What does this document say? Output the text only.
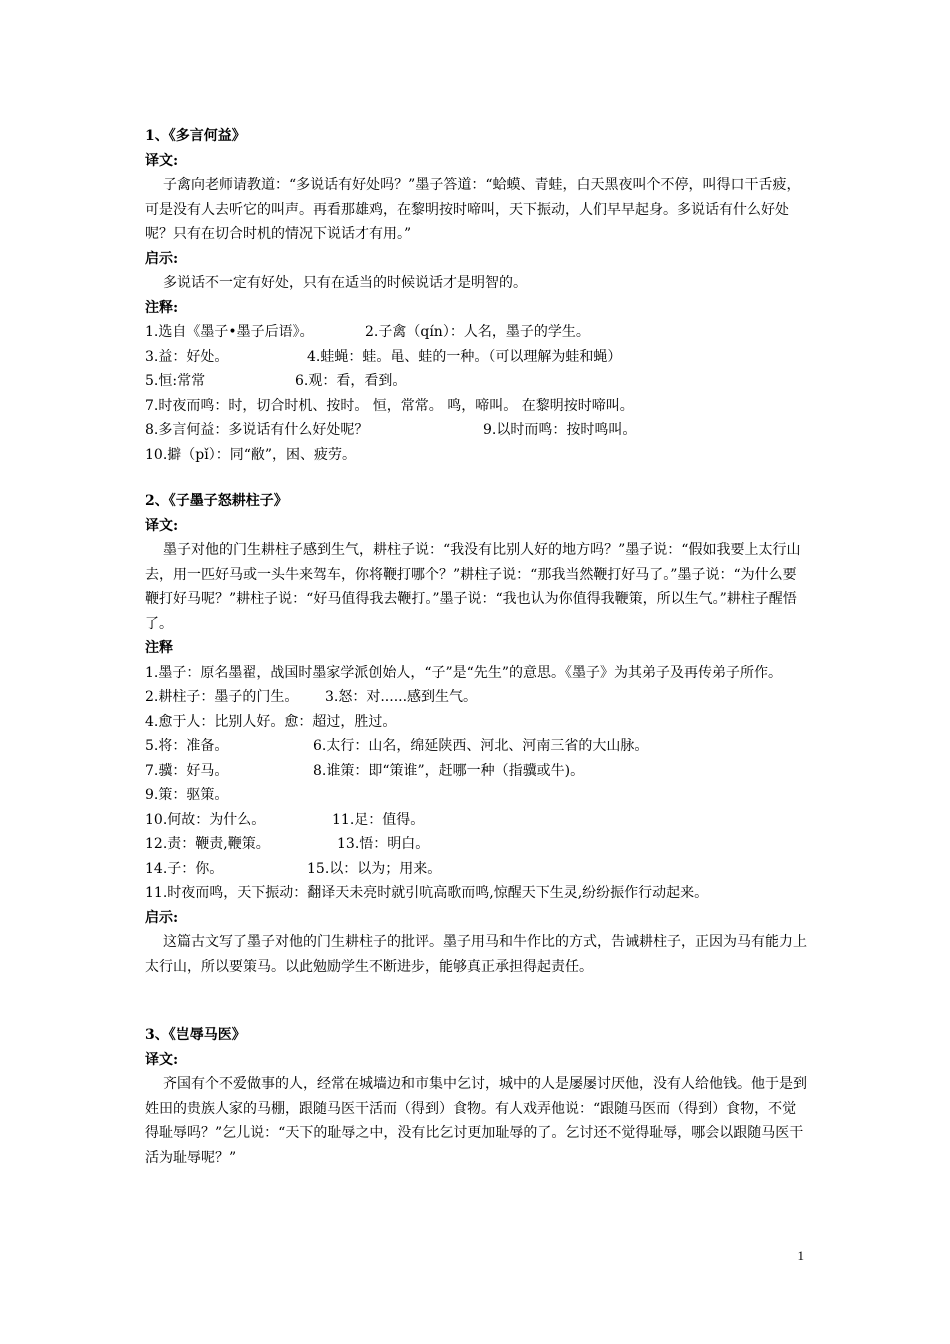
1、《多言何益》
译文:
子禽向老师请教道：“多说话有好处吗？”墨子答道：“蛤蟆、青蛙，白天黑夜叫个不停，叫得口干舌疲，可是没有人去听它的叫声。再看那雄鸡，在黎明按时啼叫，天下振动，人们早早起身。多说话有什么好处呢？只有在切合时机的情况下说话才有用。”
启示:
多说话不一定有好处，只有在适当的时候说话才是明智的。
注释:
1.选自《墨子•墨子后语》。	2.子禽（qín）：人名，墨子的学生。
3.益：好处。	4.蛙蝇：蛙。黾、蛙的一种。（可以理解为蛙和蝇）
5.恒:常常	6.观：看，看到。
7.时夜而鸣：时，切合时机、按时。 恒，常常。 鸣，啼叫。 在黎明按时啼叫。
8.多言何益：多说话有什么好处呢？	9.以时而鸣：按时鸣叫。
10.擗（pǐ）：同“敝”，困、疲劳。
2、《子墨子怒耕柱子》
译文:
墨子对他的门生耕柱子感到生气，耕柱子说：“我没有比别人好的地方吗？”墨子说：“假如我要上太行山去，用一匹好马或一头牛来驾车，你将鞭打哪个？”耕柱子说：“那我当然鞭打好马了。”墨子说：“为什么要鞭打好马呢？”耕柱子说：“好马值得我去鞭打。”墨子说：“我也认为你值得我鞭策，所以生气。”耕柱子醒悟了。
注释
1.墨子：原名墨翟，战国时墨家学派创始人，“子”是“先生”的意思。《墨子》为其弟子及再传弟子所作。
2.耕柱子：墨子的门生。 3.怒：对......感到生气。
4.愈于人：比别人好。愈：超过，胜过。
5.将：准备。	6.太行：山名，绵延陕西、河北、河南三省的大山脉。
7.骥：好马。	8.谁策：即“策谁”，赶哪一种（指骥或牛)。
9.策：驱策。
10.何故：为什么。	11.足：值得。
12.责：鞭责,鞭策。	13.悟：明白。
14.子：你。	15.以：以为；用来。
11.时夜而鸣，天下振动：翻译天未亮时就引吭高歌而鸣,惊醒天下生灵,纷纷振作行动起来。
启示:
这篇古文写了墨子对他的门生耕柱子的批评。墨子用马和牛作比的方式，告诫耕柱子，正因为马有能力上太行山，所以要策马。以此勉励学生不断进步，能够真正承担得起责任。
3、《岂辱马医》
译文:
齐国有个不爱做事的人，经常在城墙边和市集中乞讨，城中的人是屡屡讨厌他，没有人给他钱。他于是到姓田的贵族人家的马棚，跟随马医干活而（得到）食物。有人戏弄他说：“跟随马医而（得到）食物，不觉得耻辱吗？”乞儿说：“天下的耻辱之中，没有比乞讨更加耻辱的了。乞讨还不觉得耻辱，哪会以跟随马医干活为耻辱呢？”
1
